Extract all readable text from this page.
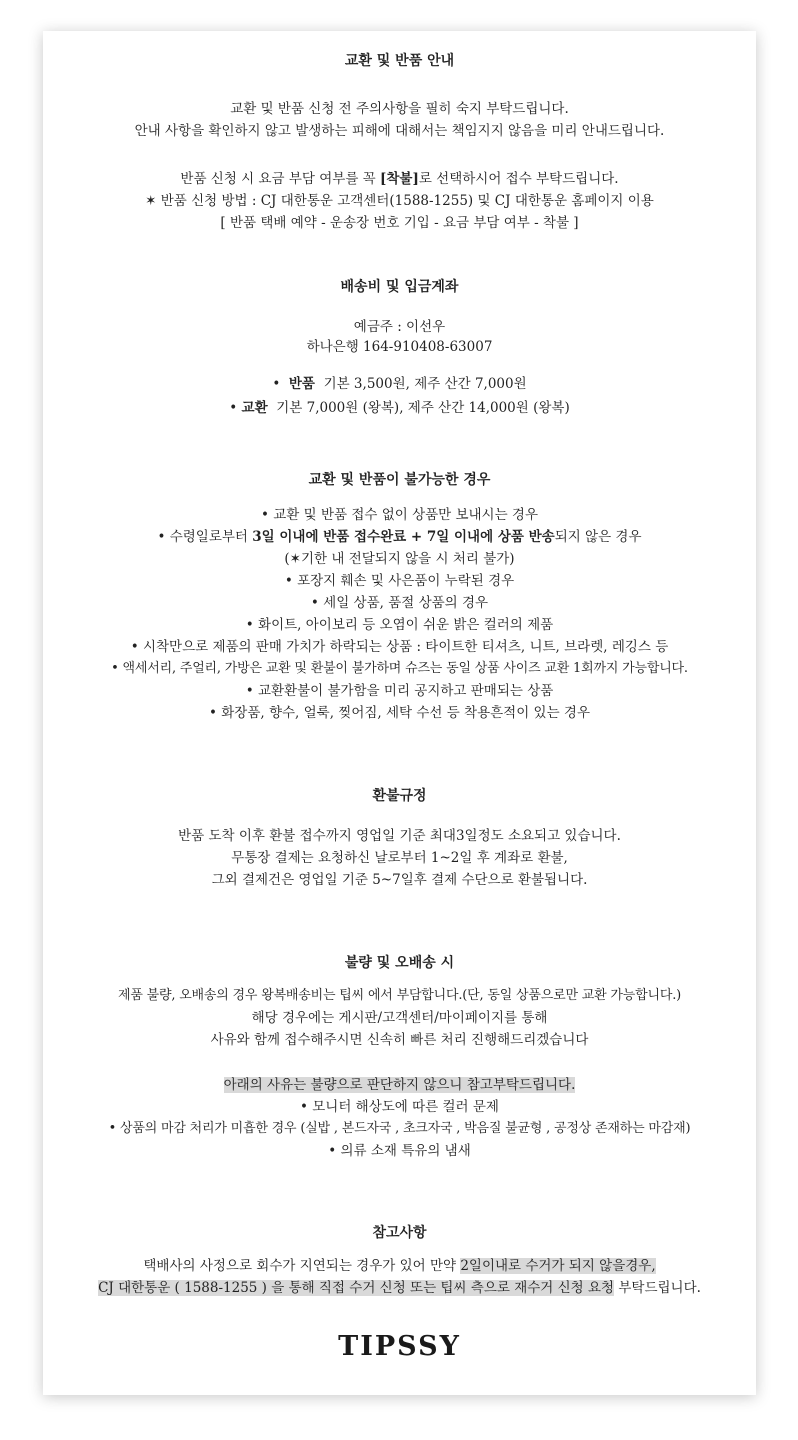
교환 및 반품 안내
교환 및 반품 신청 전 주의사항을 필히 숙지 부탁드립니다.
안내 사항을 확인하지 않고 발생하는 피해에 대해서는 책임지지 않음을 미리 안내드립니다.
반품 신청 시 요금 부담 여부를 꼭 [착불]로 선택하시어 접수 부탁드립니다.
✶ 반품 신청 방법 : CJ 대한통운 고객센터(1588-1255) 및 CJ 대한통운 홈페이지 이용
[ 반품 택배 예약 - 운송장 번호 기입 - 요금 부담 여부 - 착불 ]
배송비 및 입금계좌
예금주 : 이선우
하나은행 164-910408-63007
•  반품 기본 3,500원, 제주 산간 7,000원
• 교환 기본 7,000원 (왕복), 제주 산간 14,000원 (왕복)
교환 및 반품이 불가능한 경우
• 교환 및 반품 접수 없이 상품만 보내시는 경우
• 수령일로부터 3일 이내에 반품 접수완료 + 7일 이내에 상품 반송되지 않은 경우
(✶기한 내 전달되지 않을 시 처리 불가)
• 포장지 훼손 및 사은품이 누락된 경우
• 세일 상품, 품절 상품의 경우
• 화이트, 아이보리 등 오염이 쉬운 밝은 컬러의 제품
• 시착만으로 제품의 판매 가치가 하락되는 상품 : 타이트한 티셔츠, 니트, 브라렛, 레깅스 등
• 액세서리, 주얼리, 가방은 교환 및 환불이 불가하며 슈즈는 동일 상품 사이즈 교환 1회까지 가능합니다.
• 교환환불이 불가함을 미리 공지하고 판매되는 상품
• 화장품, 향수, 얼룩, 찢어짐, 세탁 수선 등 착용흔적이 있는 경우
환불규정
반품 도착 이후 환불 접수까지 영업일 기준 최대3일정도 소요되고 있습니다.
무통장 결제는 요청하신 날로부터 1~2일 후 계좌로 환불,
그외 결제건은 영업일 기준 5~7일후 결제 수단으로 환불됩니다.
불량 및 오배송 시
제품 불량, 오배송의 경우 왕복배송비는 팁씨 에서 부담합니다.(단, 동일 상품으로만 교환 가능합니다.)
해당 경우에는 게시판/고객센터/마이페이지를 통해
사유와 함께 접수해주시면 신속히 빠른 처리 진행해드리겠습니다
아래의 사유는 불량으로 판단하지 않으니 참고부탁드립니다.
• 모니터 해상도에 따른 컬러 문제
• 상품의 마감 처리가 미흡한 경우 (실밥 , 본드자국 , 초크자국 , 박음질 불균형 , 공정상 존재하는 마감재)
• 의류 소재 특유의 냄새
참고사항
택배사의 사정으로 회수가 지연되는 경우가 있어 만약 2일이내로 수거가 되지 않을경우,
CJ 대한통운 ( 1588-1255 ) 을 통해 직접 수거 신청 또는 팁씨 측으로 재수거 신청 요청 부탁드립니다.
TIPSSY
